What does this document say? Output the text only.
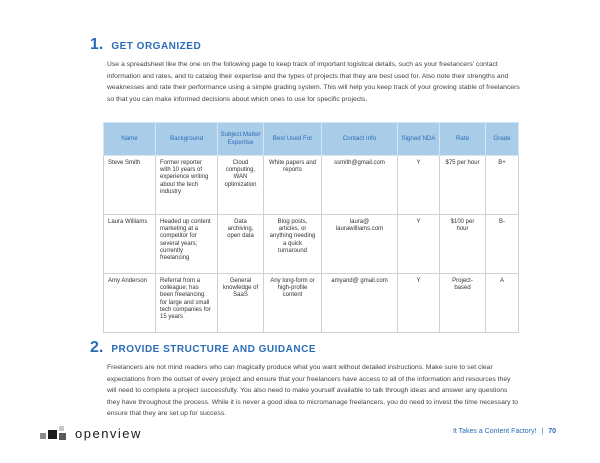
1. GET ORGANIZED

Use a spreadsheet like the one on the following page to keep track of important logistical details, such as your freelancers’ contact information and rates, and to catalog their expertise and the types of projects that they are best used for. Also note their strengths and weaknesses and rate their performance using a simple grading system. This will help you keep track of your growing stable of freelancers so that you can make informed decisions about which ones to use for specific projects.

Name	Background	Subject Matter Expertise	Best Used For	Contact Info	Signed NDA	Rate	Grade
Steve Smith	Former reporter with 10 years of experience writing about the tech industry	Cloud computing, WAN optimization	White papers and reports	ssmith@gmail.com	Y	$75 per hour	B+
Laura Williams	Headed up content marketing at a competitor for several years; currently freelancing	Data archiving, open data	Blog posts, articles, or anything needing a quick turnaround	laura@ laurawilliams.com	Y	$100 per hour	B-
Amy Anderson	Referral from a colleague; has been freelancing for large and small tech companies for 15 years	General knowledge of SaaS	Any long-form or high-profile content	amyand@ gmail.com	Y	Project-based	A
2. PROVIDE STRUCTURE AND GUIDANCE

Freelancers are not mind readers who can magically produce what you want without detailed instructions. Make sure to set clear expectations from the outset of every project and ensure that your freelancers have access to all of the information and resources they will need to complete a project successfully. You also need to make yourself available to talk through ideas and answer any questions they have throughout the process. While it is never a good idea to micromanage freelancers, you do need to invest the time necessary to ensure that they are set up for success.

openview	It Takes a Content Factory! | 70
